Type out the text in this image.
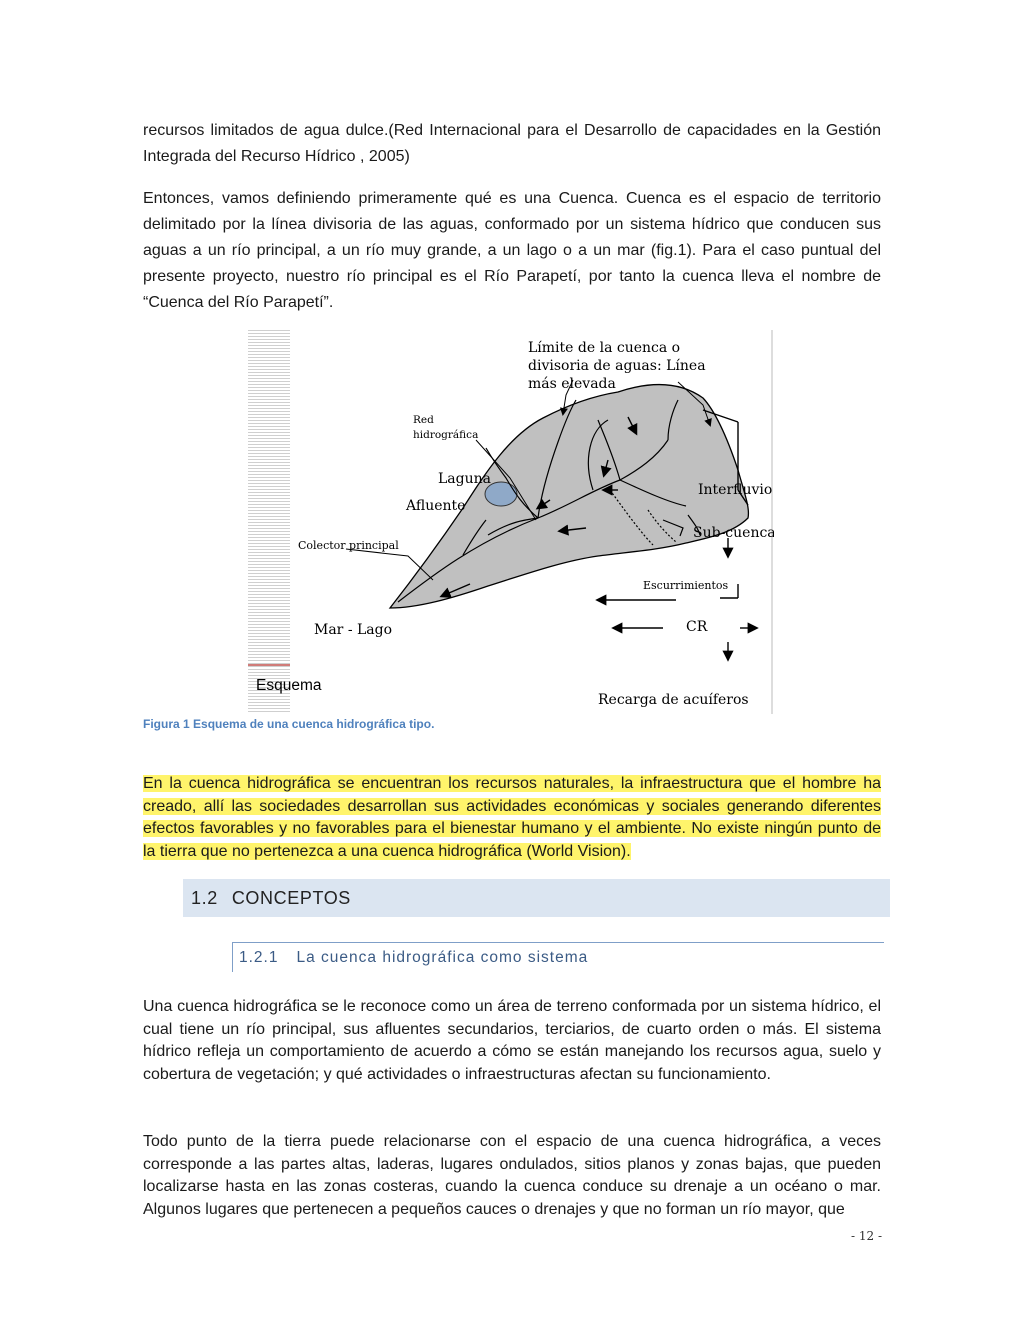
recursos limitados de agua dulce.(Red Internacional para el Desarrollo de capacidades en la Gestión Integrada del Recurso Hídrico , 2005)

Entonces, vamos definiendo primeramente qué es una Cuenca. Cuenca es el espacio de territorio delimitado por la línea divisoria de las aguas, conformado por un sistema hídrico que conducen sus aguas a un río principal, a un río muy grande, a un lago o a un mar (fig.1). Para el caso puntual del presente proyecto, nuestro río principal es el Río Parapetí, por tanto la cuenca lleva el nombre de “Cuenca del Río Parapetí”.

Límite de la cuenca o
divisoria de aguas: Línea
más elevada
Red
hidrográfica
Laguna
Afluente
Interfluvio
Sub-cuenca
Colector principal
Escurrimientos
Mar - Lago	CR
Esquema
Recarga de acuíferos

Figura 1 Esquema de una cuenca hidrográfica tipo.

En la cuenca hidrográfica se encuentran los recursos naturales, la infraestructura que el hombre ha creado, allí las sociedades desarrollan sus actividades económicas y sociales generando diferentes efectos favorables y no favorables para el bienestar humano y el ambiente. No existe ningún punto de la tierra que no pertenezca a una cuenca hidrográfica (World Vision).

1.2 CONCEPTOS
1.2.1 La cuenca hidrográfica como sistema

Una cuenca hidrográfica se le reconoce como un área de terreno conformada por un sistema hídrico, el cual tiene un río principal, sus afluentes secundarios, terciarios, de cuarto orden o más. El sistema hídrico refleja un comportamiento de acuerdo a cómo se están manejando los recursos agua, suelo y cobertura de vegetación; y qué actividades o infraestructuras afectan su funcionamiento.

Todo punto de la tierra puede relacionarse con el espacio de una cuenca hidrográfica, a veces corresponde a las partes altas, laderas, lugares ondulados, sitios planos y zonas bajas, que pueden localizarse hasta en las zonas costeras, cuando la cuenca conduce su drenaje a un océano o mar. Algunos lugares que pertenecen a pequeños cauces o drenajes y que no forman un río mayor, que

- 12 -
